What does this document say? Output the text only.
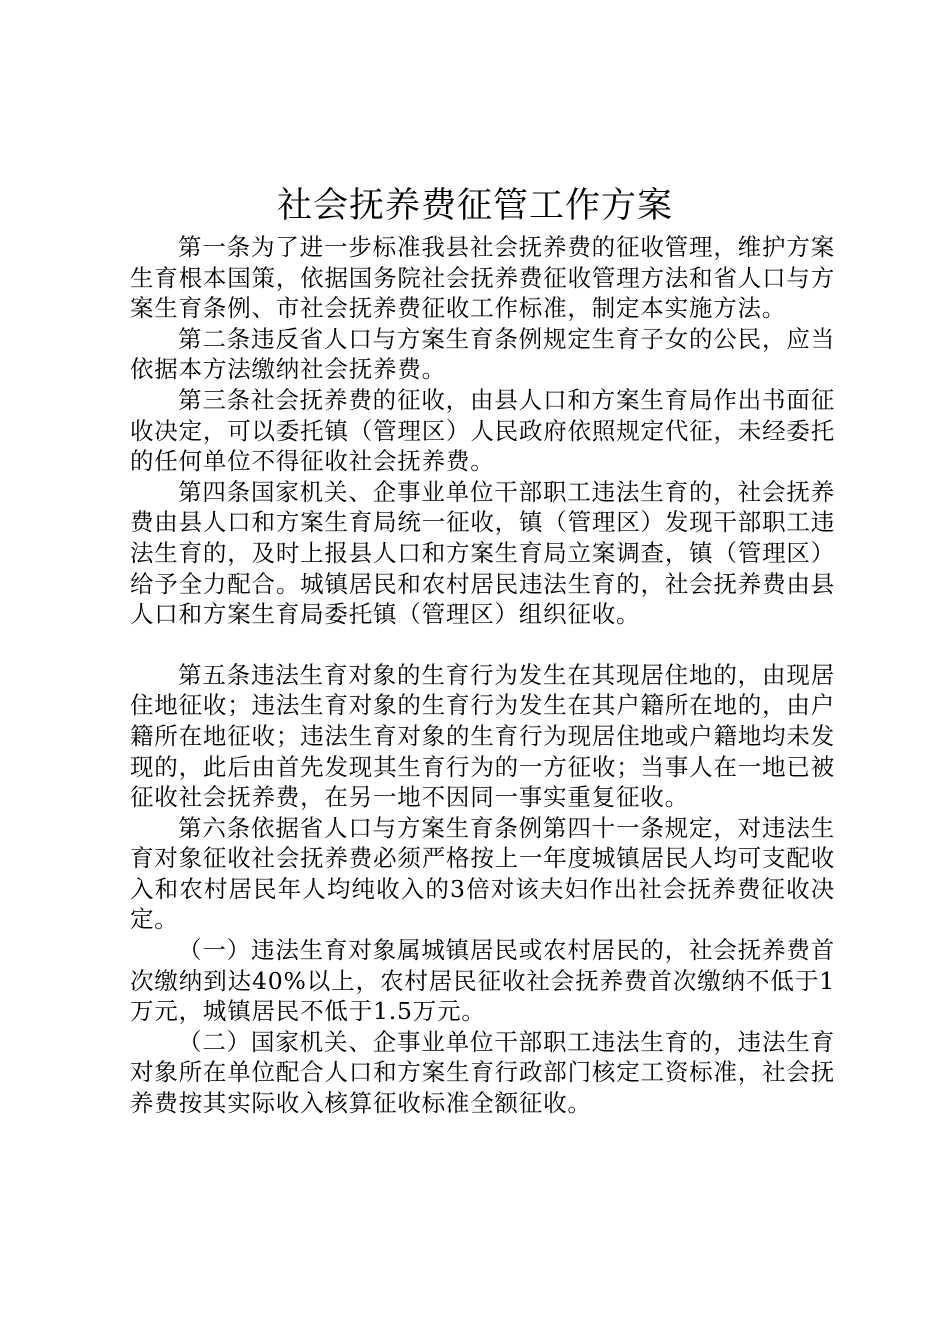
社会抚养费征管工作方案

第一条为了进一步标准我县社会抚养费的征收管理，维护方案生育根本国策，依据国务院社会抚养费征收管理方法和省人口与方案生育条例、市社会抚养费征收工作标准，制定本实施方法。

第二条违反省人口与方案生育条例规定生育子女的公民，应当依据本方法缴纳社会抚养费。

第三条社会抚养费的征收，由县人口和方案生育局作出书面征收决定，可以委托镇（管理区）人民政府依照规定代征，未经委托的任何单位不得征收社会抚养费。

第四条国家机关、企事业单位干部职工违法生育的，社会抚养费由县人口和方案生育局统一征收，镇（管理区）发现干部职工违法生育的，及时上报县人口和方案生育局立案调查，镇（管理区）给予全力配合。城镇居民和农村居民违法生育的，社会抚养费由县人口和方案生育局委托镇（管理区）组织征收。

第五条违法生育对象的生育行为发生在其现居住地的，由现居住地征收；违法生育对象的生育行为发生在其户籍所在地的，由户籍所在地征收；违法生育对象的生育行为现居住地或户籍地均未发现的，此后由首先发现其生育行为的一方征收；当事人在一地已被征收社会抚养费，在另一地不因同一事实重复征收。

第六条依据省人口与方案生育条例第四十一条规定，对违法生育对象征收社会抚养费必须严格按上一年度城镇居民人均可支配收入和农村居民年人均纯收入的3倍对该夫妇作出社会抚养费征收决定。

（一）违法生育对象属城镇居民或农村居民的，社会抚养费首次缴纳到达40%以上，农村居民征收社会抚养费首次缴纳不低于1万元，城镇居民不低于1.5万元。

（二）国家机关、企事业单位干部职工违法生育的，违法生育对象所在单位配合人口和方案生育行政部门核定工资标准，社会抚养费按其实际收入核算征收标准全额征收。
